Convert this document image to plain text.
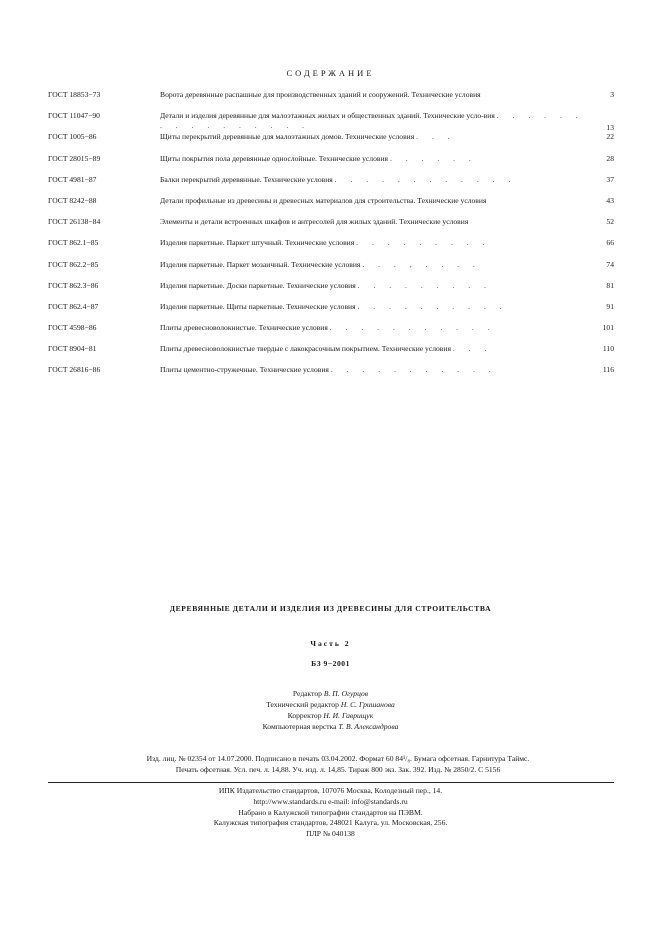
СОДЕРЖАНИЕ
ГОСТ 18853−73	Ворота деревянные распашные для производственных зданий и сооружений. Технические условия	3
ГОСТ 11047−90	Детали и изделия деревянные для малоэтажных жилых и общественных зданий. Технические усло-вия . . . . . . . . . . . . . . . .	13
ГОСТ 1005−86	Щиты перекрытий деревянные для малоэтажных домов. Технические условия . . .	22
ГОСТ 28015−89	Щиты покрытия пола деревянные однослойные. Технические условия . . . . . .	28
ГОСТ 4981−87	Балки перекрытий деревянные. Технические условия . . . . . . . . . . . .	37
ГОСТ 8242−88	Детали профильные из древесины и древесных материалов для строительства. Технические условия	43
ГОСТ 26138−84	Элементы и детали встроенных шкафов и антресолей для жилых зданий. Технические условия	52
ГОСТ 862.1−85	Изделия паркетные. Паркет штучный. Технические условия . . . . . . . . .	66
ГОСТ 862.2−85	Изделия паркетные. Паркет мозаичный. Технические условия . . . , . . . .	74
ГОСТ 862.3−86	Изделия паркетные. Доски паркетные. Технические условия . . . . . . . . .	81
ГОСТ 862.4−87	Изделия паркетные. Щиты паркетные. Технические условия . . . . . . . . . .	91
ГОСТ 4598−86	Плиты древесноволокнистые. Технические условия . . . . . . . . . . .	101
ГОСТ 8904−81	Плиты древесноволокнистые твердые с лакокрасочным покрытием. Технические условия . . .	110
ГОСТ 26816−86	Плиты цементно-стружечные. Технические условия . . . . . . . . . . .	116
ДЕРЕВЯННЫЕ ДЕТАЛИ И ИЗДЕЛИЯ ИЗ ДРЕВЕСИНЫ ДЛЯ СТРОИТЕЛЬСТВА
Часть 2
БЗ 9−2001
Редактор В. П. Огурцов
Технический редактор Н. С. Гришанова
Корректор Н. И. Гаврищук
Компьютерная верстка Т. В. Александрова
Изд. лиц. № 02354 от 14.07.2000. Подписано в печать 03.04.2002. Формат 60 84¹/₈. Бумага офсетная. Гарнитура Таймс.
Печать офсетная. Усл. печ. л. 14,88. Уч. изд. л. 14,85. Тираж 800 экз. Зак. 392. Изд. № 2850/2. С 5156
ИПК Издательство стандартов, 107076 Москва, Колодезный пер., 14.
http://www.standards.ru e-mail: info@standards.ru
Набрано в Калужской типографии стандартов на ПЭВМ.
Калужская типография стандартов, 248021 Калуга, ул. Московская, 256.
ПЛР № 040138
